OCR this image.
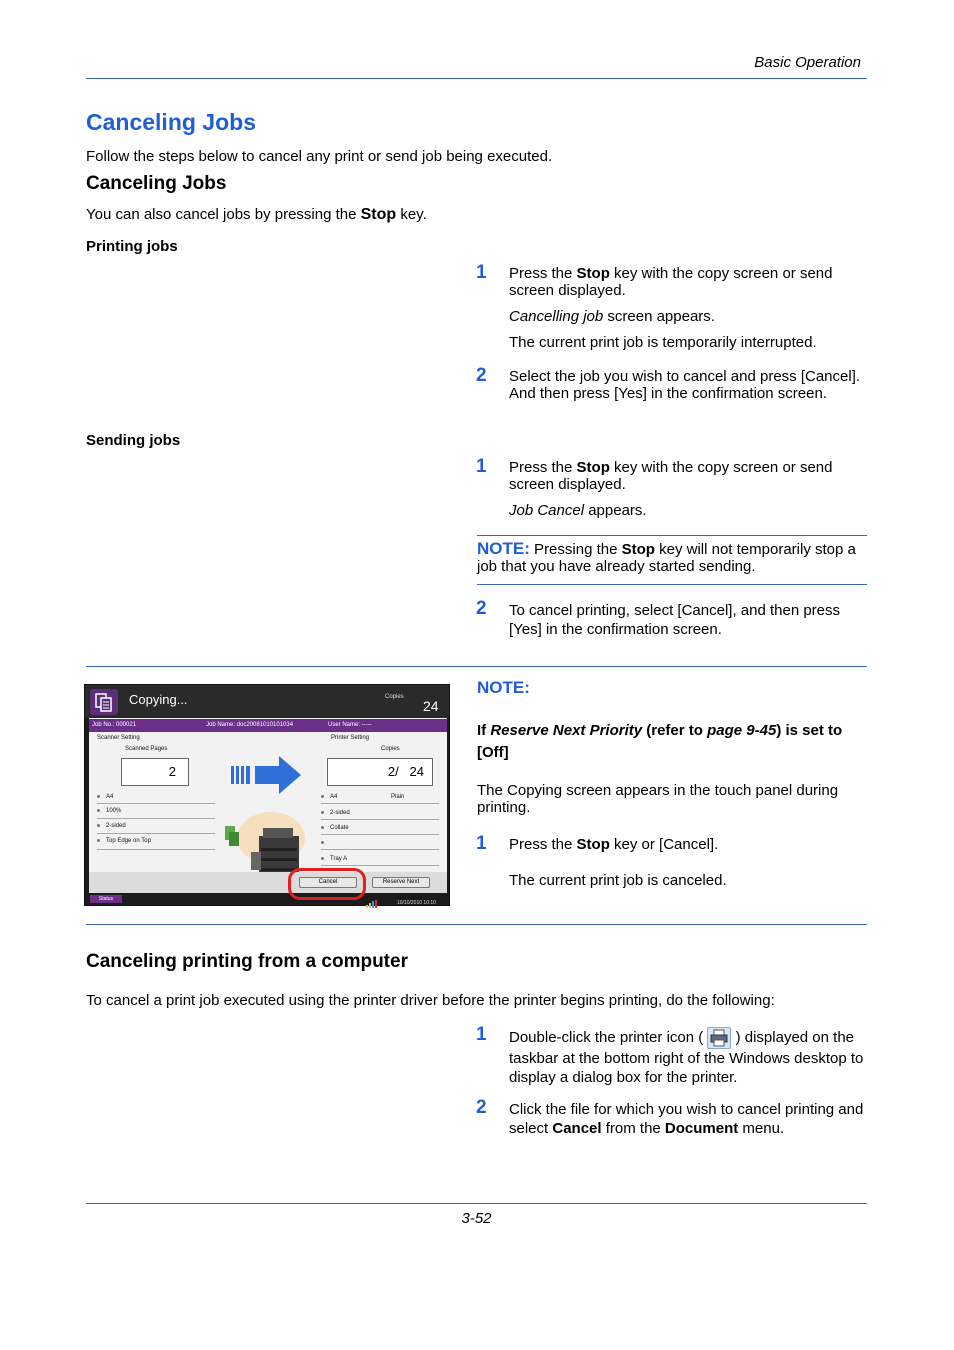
Basic Operation
Canceling Jobs
Follow the steps below to cancel any print or send job being executed.
Canceling Jobs
You can also cancel jobs by pressing the Stop key.
Printing jobs
1 Press the Stop key with the copy screen or send screen displayed.
Cancelling job screen appears.
The current print job is temporarily interrupted.
2 Select the job you wish to cancel and press [Cancel]. And then press [Yes] in the confirmation screen.
Sending jobs
1 Press the Stop key with the copy screen or send screen displayed.
Job Cancel appears.
NOTE: Pressing the Stop key will not temporarily stop a job that you have already started sending.
2 To cancel printing, select [Cancel], and then press [Yes] in the confirmation screen.
Copying...	Copies
24
Job No.: 000021	Job Name: doc20081010101034	User Name: -----
Scanner Setting
Scanned Pages
2
Printer Setting
Copies
2/   24
A4
100%
2-sided
Top Edge on Top
A4	Plain
2-sided
Collate
Tray A
Cancel	Reserve Next
Status
10/10/2010 10:10
NOTE:
If Reserve Next Priority (refer to page 9-45) is set to [Off]
The Copying screen appears in the touch panel during printing.
1 Press the Stop key or [Cancel].
The current print job is canceled.
Canceling printing from a computer
To cancel a print job executed using the printer driver before the printer begins printing, do the following:
1 Double-click the printer icon (  ) displayed on the taskbar at the bottom right of the Windows desktop to display a dialog box for the printer.
2 Click the file for which you wish to cancel printing and select Cancel from the Document menu.
3-52
